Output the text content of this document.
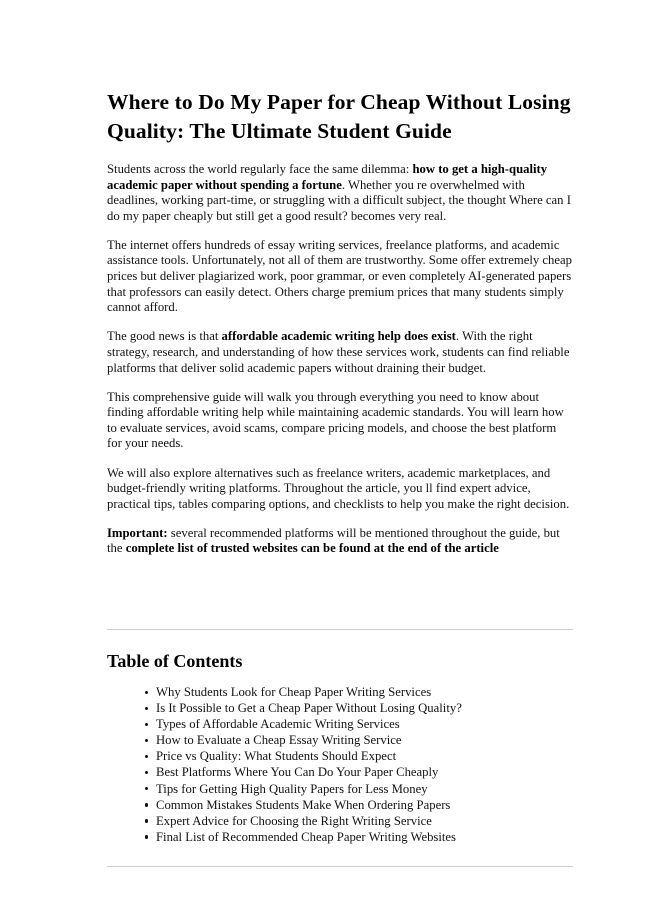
Where to Do My Paper for Cheap Without Losing Quality: The Ultimate Student Guide

Students across the world regularly face the same dilemma: how to get a high-quality academic paper without spending a fortune. Whether you re overwhelmed with deadlines, working part-time, or struggling with a difficult subject, the thought Where can I do my paper cheaply but still get a good result? becomes very real.

The internet offers hundreds of essay writing services, freelance platforms, and academic assistance tools. Unfortunately, not all of them are trustworthy. Some offer extremely cheap prices but deliver plagiarized work, poor grammar, or even completely AI-generated papers that professors can easily detect. Others charge premium prices that many students simply cannot afford.

The good news is that affordable academic writing help does exist. With the right strategy, research, and understanding of how these services work, students can find reliable platforms that deliver solid academic papers without draining their budget.

This comprehensive guide will walk you through everything you need to know about finding affordable writing help while maintaining academic standards. You will learn how to evaluate services, avoid scams, compare pricing models, and choose the best platform for your needs.

We will also explore alternatives such as freelance writers, academic marketplaces, and budget-friendly writing platforms. Throughout the article, you ll find expert advice, practical tips, tables comparing options, and checklists to help you make the right decision.

Important: several recommended platforms will be mentioned throughout the guide, but the complete list of trusted websites can be found at the end of the article

Table of Contents
Why Students Look for Cheap Paper Writing Services
Is It Possible to Get a Cheap Paper Without Losing Quality?
Types of Affordable Academic Writing Services
How to Evaluate a Cheap Essay Writing Service
Price vs Quality: What Students Should Expect
Best Platforms Where You Can Do Your Paper Cheaply
Tips for Getting High Quality Papers for Less Money
Common Mistakes Students Make When Ordering Papers
Expert Advice for Choosing the Right Writing Service
Final List of Recommended Cheap Paper Writing Websites
